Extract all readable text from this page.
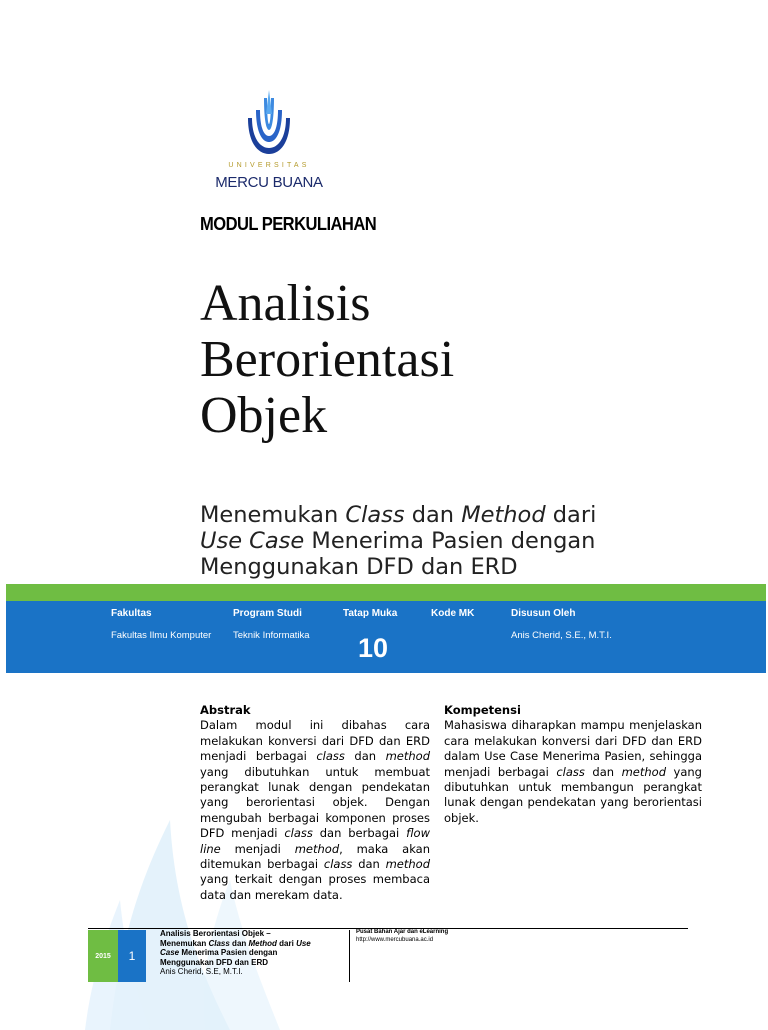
UNIVERSITAS
MERCU BUANA
MODUL PERKULIAHAN
Analisis
Berorientasi
Objek
Menemukan Class dan Method dari
Use Case Menerima Pasien dengan
Menggunakan DFD dan ERD
Fakultas
Fakultas Ilmu Komputer
Program Studi
Teknik Informatika
Tatap Muka
10
Kode MK	Disusun Oleh
Anis Cherid, S.E., M.T.I.
Abstrak
Dalam modul ini dibahas cara melakukan konversi dari DFD dan ERD menjadi berbagai class dan method yang dibutuhkan untuk membuat perangkat lunak dengan pendekatan yang berorientasi objek. Dengan mengubah berbagai komponen proses DFD menjadi class dan berbagai flow line menjadi method, maka akan ditemukan berbagai class dan method yang terkait dengan proses membaca data dan merekam data.
Kompetensi
Mahasiswa diharapkan mampu menjelaskan cara melakukan konversi dari DFD dan ERD dalam Use Case Menerima Pasien, sehingga menjadi berbagai class dan method yang dibutuhkan untuk membangun perangkat lunak dengan pendekatan yang berorientasi objek.
2015	1
Analisis Berorientasi Objek –
Menemukan Class dan Method dari Use
Case Menerima Pasien dengan
Menggunakan DFD dan ERD
Anis Cherid, S.E, M.T.I.
Pusat Bahan Ajar dan eLearning
http://www.mercubuana.ac.id
